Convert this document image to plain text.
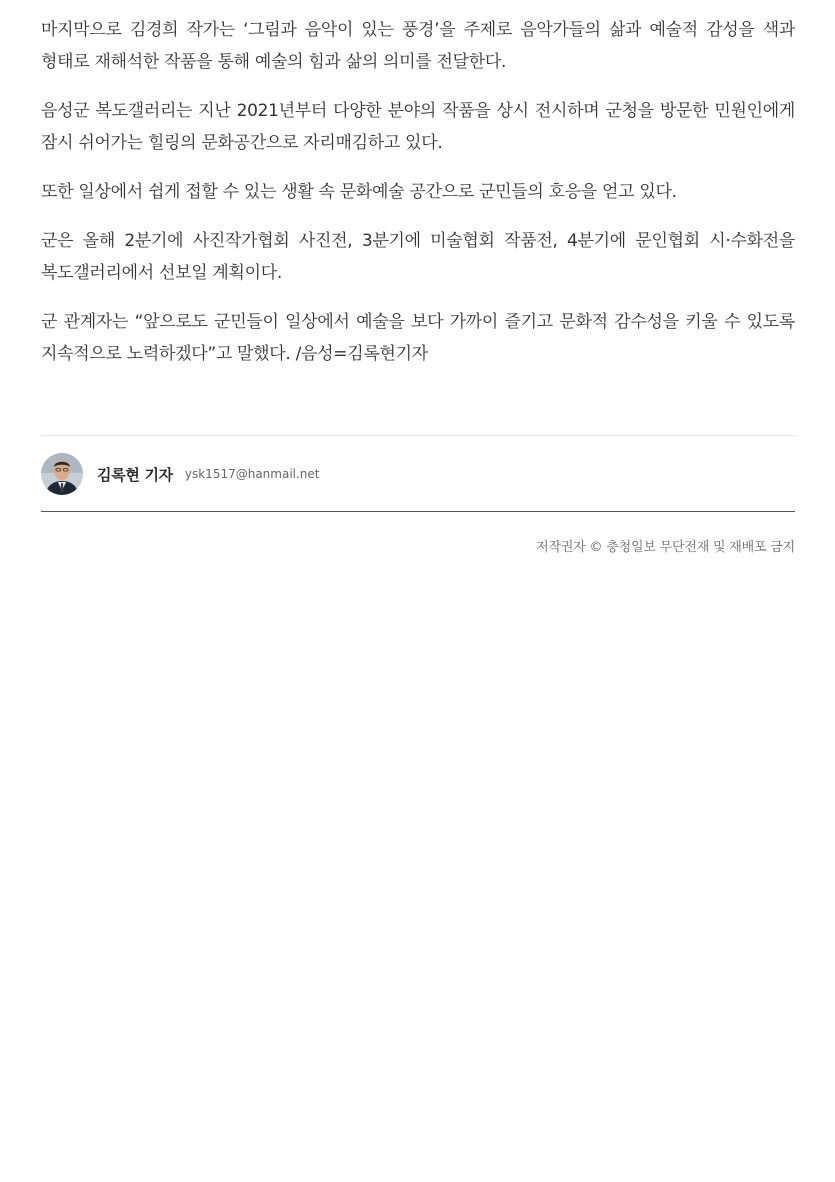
마지막으로 김경희 작가는 ‘그림과 음악이 있는 풍경’을 주제로 음악가들의 삶과 예술적 감성을 색과 형태로 재해석한 작품을 통해 예술의 힘과 삶의 의미를 전달한다.

음성군 복도갤러리는 지난 2021년부터 다양한 분야의 작품을 상시 전시하며 군청을 방문한 민원인에게 잠시 쉬어가는 힐링의 문화공간으로 자리매김하고 있다.

또한 일상에서 쉽게 접할 수 있는 생활 속 문화예술 공간으로 군민들의 호응을 얻고 있다.

군은 올해 2분기에 사진작가협회 사진전, 3분기에 미술협회 작품전, 4분기에 문인협회 시·수화전을 복도갤러리에서 선보일 계획이다.

군 관계자는 “앞으로도 군민들이 일상에서 예술을 보다 가까이 즐기고 문화적 감수성을 키울 수 있도록 지속적으로 노력하겠다”고 말했다. /음성=김록현기자

김록현 기자 ysk1517@hanmail.net
저작권자 © 충청일보 무단전재 및 재배포 금지
